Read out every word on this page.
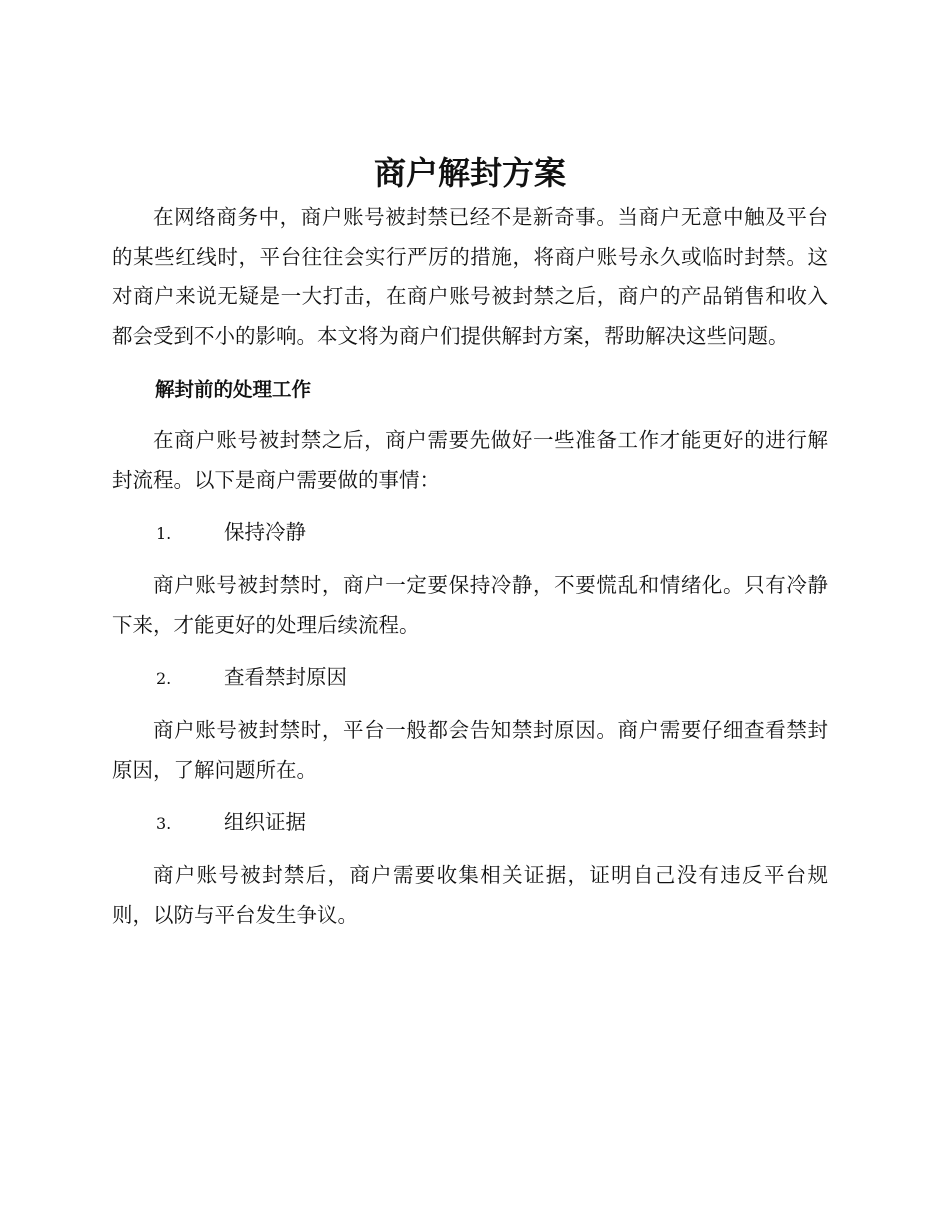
商户解封方案

在网络商务中，商户账号被封禁已经不是新奇事。当商户无意中触及平台的某些红线时，平台往往会实行严厉的措施，将商户账号永久或临时封禁。这对商户来说无疑是一大打击，在商户账号被封禁之后，商户的产品销售和收入都会受到不小的影响。本文将为商户们提供解封方案，帮助解决这些问题。

解封前的处理工作

在商户账号被封禁之后，商户需要先做好一些准备工作才能更好的进行解封流程。以下是商户需要做的事情：

1.	保持冷静

商户账号被封禁时，商户一定要保持冷静，不要慌乱和情绪化。只有冷静下来，才能更好的处理后续流程。

2.	查看禁封原因

商户账号被封禁时，平台一般都会告知禁封原因。商户需要仔细查看禁封原因，了解问题所在。

3.	组织证据

商户账号被封禁后，商户需要收集相关证据，证明自己没有违反平台规则，以防与平台发生争议。
